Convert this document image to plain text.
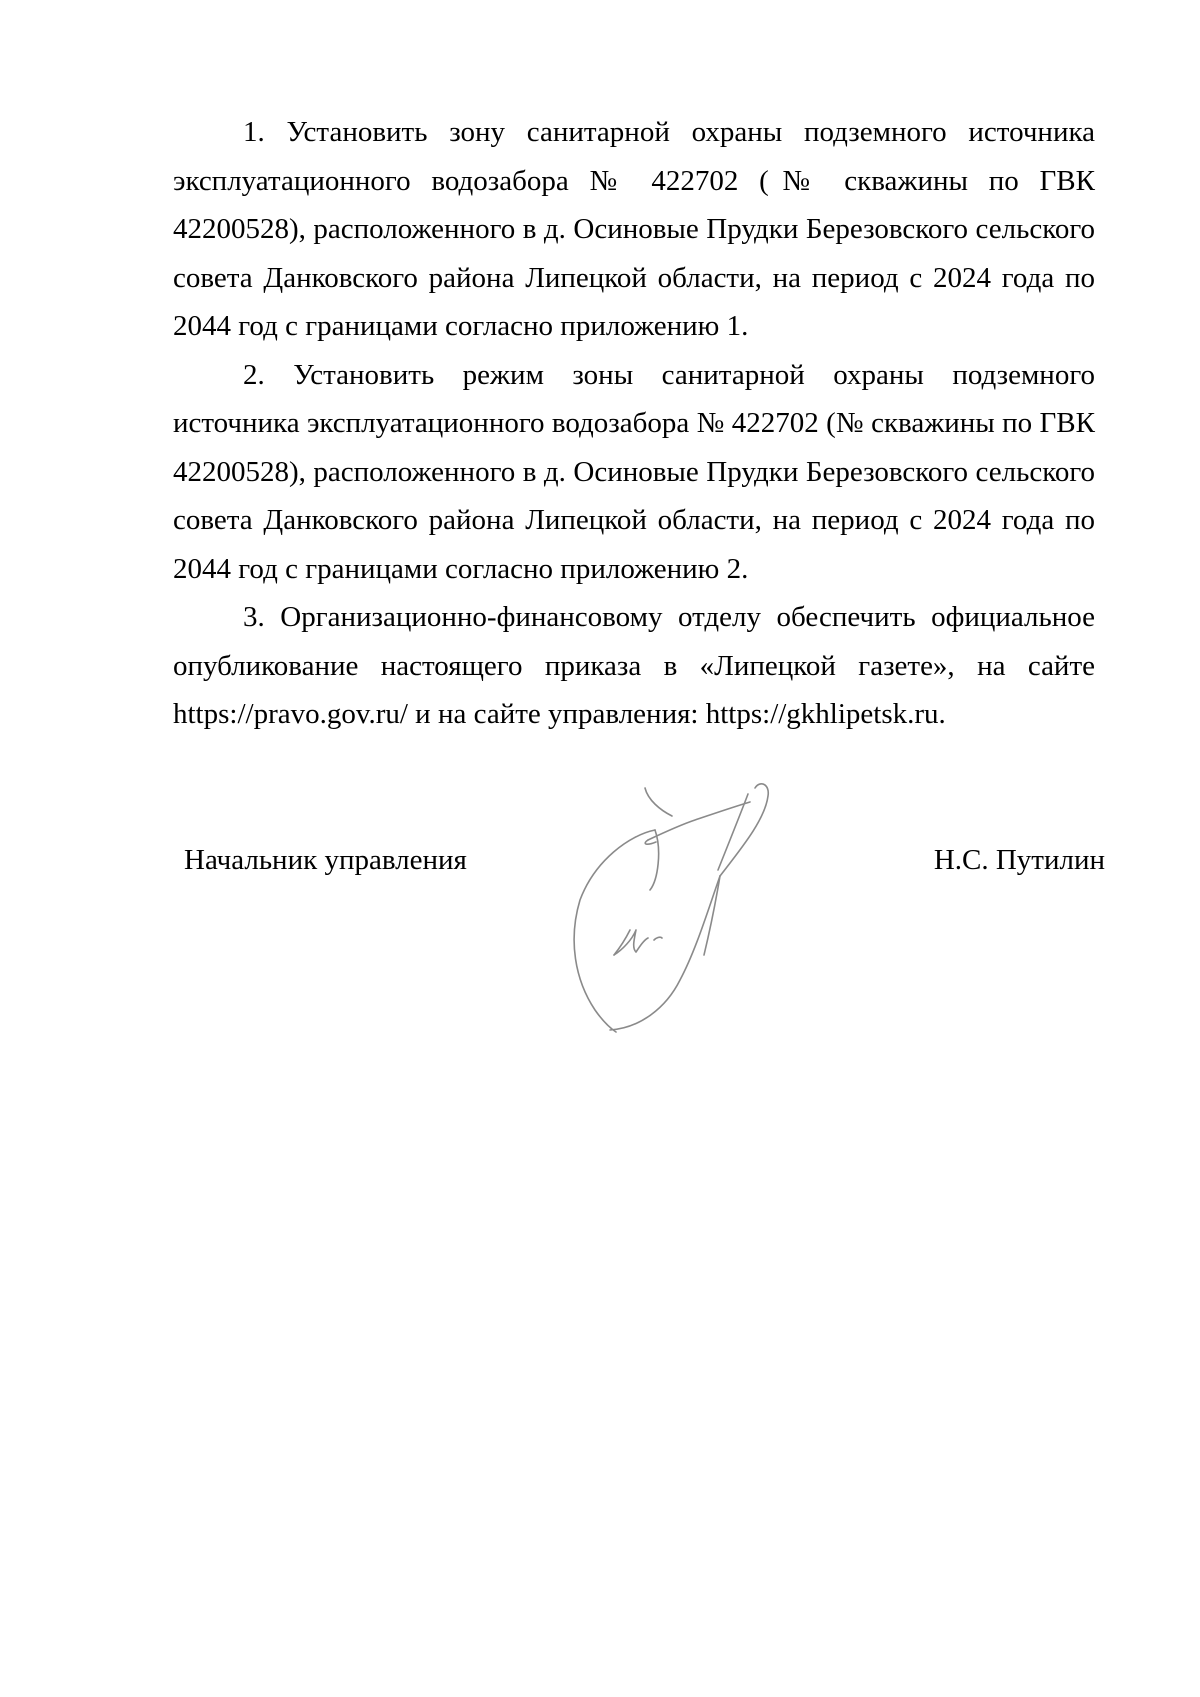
1. Установить зону санитарной охраны подземного источника эксплуатационного водозабора № 422702 (№ скважины по ГВК 42200528), расположенного в д. Осиновые Прудки Березовского сельского совета Данковского района Липецкой области, на период с 2024 года по 2044 год с границами согласно приложению 1.

2. Установить режим зоны санитарной охраны подземного источника эксплуатационного водозабора № 422702 (№ скважины по ГВК 42200528), расположенного в д. Осиновые Прудки Березовского сельского совета Данковского района Липецкой области, на период с 2024 года по 2044 год с границами согласно приложению 2.

3. Организационно-финансовому отделу обеспечить официальное опубликование настоящего приказа в «Липецкой газете», на сайте https://pravo.gov.ru/ и на сайте управления: https://gkhlipetsk.ru.

Начальник управления	Н.С. Путилин
